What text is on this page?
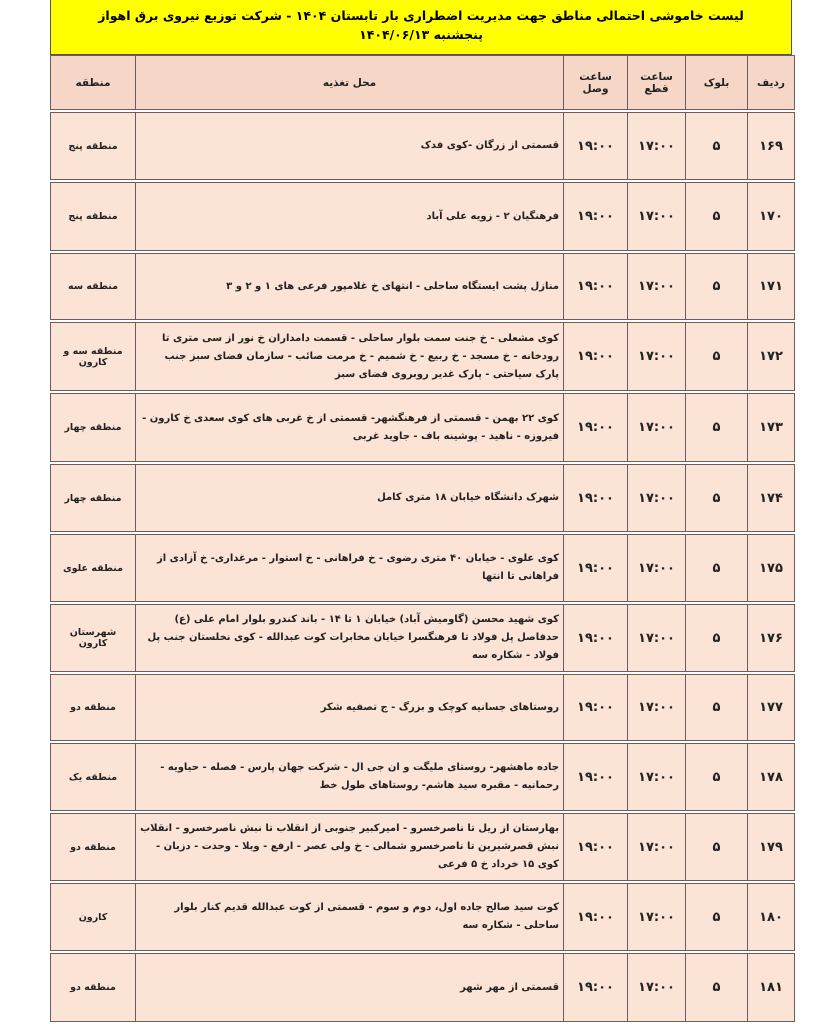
لیست خاموشی احتمالی مناطق جهت مدیریت اضطراری بار تابستان ۱۴۰۴ - شرکت توزیع نیروی برق اهواز
پنجشنبه ۱۴۰۴/۰۶/۱۳
ردیف	بلوک	ساعت قطع	ساعت وصل	محل تغذیه	منطقه

۱۶۹	۵	۱۷:۰۰	۱۹:۰۰	قسمتی از زرگان -کوی فدک	منطقه پنج

۱۷۰	۵	۱۷:۰۰	۱۹:۰۰	فرهنگیان ۲ - زویه علی آباد	منطقه پنج

۱۷۱	۵	۱۷:۰۰	۱۹:۰۰	منازل پشت ایستگاه ساحلی - انتهای خ غلامپور فرعی های ۱ و ۲ و ۳	منطقه سه

۱۷۲	۵	۱۷:۰۰	۱۹:۰۰	کوی مشعلی - خ جنت سمت بلوار ساحلی - قسمت دامداران خ نور از سی متری تا رودخانه - خ مسجد - خ ربیع - خ شمیم - خ مرمت صائب - سازمان فضای سبز جنب پارک سیاحتی - پارک غدیر روبروی فضای سبز	منطقه سه و کارون

۱۷۳	۵	۱۷:۰۰	۱۹:۰۰	کوی ۲۲ بهمن - قسمتی از فرهنگشهر- قسمتی از خ غربی های کوی سعدی خ کارون - فیروزه - ناهید - پوشینه باف - جاوید غربی	منطقه چهار

۱۷۴	۵	۱۷:۰۰	۱۹:۰۰	شهرک دانشگاه خیابان ۱۸ متری کامل	منطقه چهار

۱۷۵	۵	۱۷:۰۰	۱۹:۰۰	کوی علوی - خیابان ۴۰ متری رضوی - خ فراهانی - خ استوار - مرغداری- خ آزادی از فراهانی تا انتها	منطقه علوی

۱۷۶	۵	۱۷:۰۰	۱۹:۰۰	کوی شهید محسن (گاومیش آباد) خیابان ۱ تا ۱۴ - باند کندرو بلوار امام علی (ع) حدفاصل پل فولاد تا فرهنگسرا خیابان مخابرات کوت عبدالله - کوی نخلستان جنب پل فولاد - شکاره سه	شهرستان کارون

۱۷۷	۵	۱۷:۰۰	۱۹:۰۰	روستاهای جسانیه کوچک و بزرگ - ج تصفیه شکر	منطقه دو

۱۷۸	۵	۱۷:۰۰	۱۹:۰۰	جاده ماهشهر- روستای ملیگت و ان جی ال - شرکت جهان پارس - فصله - حیاویه - رحمانیه - مقبره سید هاشم- روستاهای طول خط	منطقه یک

۱۷۹	۵	۱۷:۰۰	۱۹:۰۰	بهارستان از ریل تا ناصرخسرو - امیرکبیر جنوبی از انقلاب تا نبش ناصرخسرو - انقلاب نبش قصرشیرین تا ناصرخسرو شمالی - خ ولی عصر - ارفع - ویلا - وحدت - دزبان - کوی ۱۵ خرداد خ ۵ فرعی	منطقه دو

۱۸۰	۵	۱۷:۰۰	۱۹:۰۰	کوت سید صالح جاده اول، دوم و سوم - قسمتی از کوت عبدالله قدیم کنار بلوار ساحلی - شکاره سه	کارون

۱۸۱	۵	۱۷:۰۰	۱۹:۰۰	قسمتی از مهر شهر	منطقه دو
